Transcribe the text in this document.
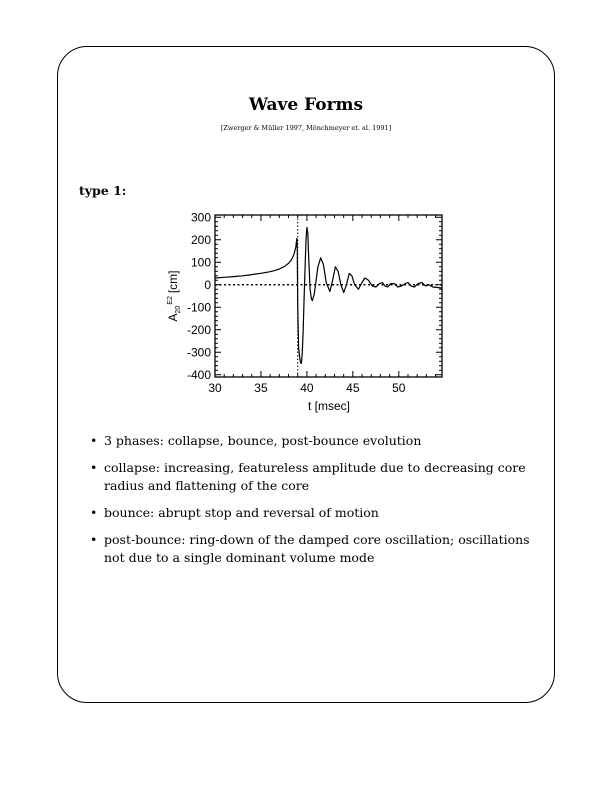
Wave Forms
[Zwerger & Müller 1997, Mönchmeyer et. al. 1991]
type 1:
30	35	40	45	50
300
200
100
0
-100
-200
-300
-400
t [msec]
$A_{20}^{E2}[cm]$
• 3 phases: collapse, bounce, post-bounce evolution
• collapse: increasing, featureless amplitude due to decreasing core radius and flattening of the core
• bounce: abrupt stop and reversal of motion
• post-bounce: ring-down of the damped core oscillation; oscillations not due to a single dominant volume mode
